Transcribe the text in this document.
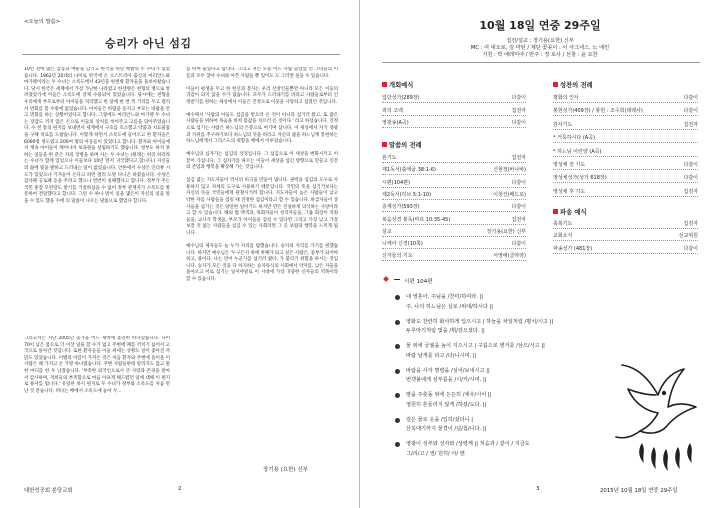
<오늘의 말씀>
승리가 아닌 섬김

10년 전에 많은 감동과 여운을 남기고 한국을 떠난 백발의 두 수녀가 있었습니다. 1962년 20대의 나이로 한국에 온 오스트리아 출신의 마리안느와 마가렛이라는 두 수녀는 소록도에서 43년을 한센병 환자들을 돌보아왔습니다. 당시 한국은 세계에서 가장 가난한 나라였고 한센병은 천형의 병으로 알려졌었기에 이들은 소록도에 강제 수용되어 있었습니다. 당시에는 천형을 우리에게 부모로부터 아이들을 격리했고 한 달에 한 번 씩 거리를 두고 멀리서 면회를 할 수밖에 없었습니다. 아이들은 바람을 등지고 부모는 바람을 안고 면회를 하는 상황이었다고 합니다. 그렇에도 마리안느와 마가렛 두 수녀는 장갑도 끼지 않은 손으로 이들의 상처를 씻어주고 고름을 닦아주었습니다. 수 천 통의 편지를 보내면서 세계에서 구호를 호소했고 약품과 치료물품을 구해 치료를 도왔습니다. 이렇게 하면서 소록도에 들어오고 한 환자들은 6000명 정도였고 200여 명의 아동들이 있었다고 합니다. 환자와 아이들에서 계속 아이들이 태어나자 보육원을 설립하기도 했습니다. 청부도 하지 못하는 일들을 한 분은 자의 장병을 하며 사는 두 수녀는 (원래는 허리 하리라는 수녀가 함께 있었으나 이들보다 10년 먼저 귀국했다고 합니다.) 자신들의 삶에 빛을 발하고 드러내는 일이 없었습니다. 언론에서 수상은 인터뷰 시도가 있었으나 기자들이 온다고 하면 멀리 도망 다니곤 하였습니다. 수상은 감사패 공로패 등을 주려고 했으나 번번이 실패했다고 합니다. 정부가 주는 국민 훈장 모란장도 받기를 거절하셨을 수 없어 정부 관계자가 소록도를 방문하여 전달했다고 합니다. 그런 수 하나 밖이 일을 몇은이 자신의 일을 알을 수 있도 했을 수에 의 말씀이 나오는 말씀으로 했었다 합니다.

그리고서는 지난 2005년 늦가을 어느 새벽에 홀연히 떠나셨습니다. 나이 70이 넘은 몸으로 더 이상 일을 할 수가 없고 주변에 폐를 끼치기 싫어서 고국으로 돌아간 것입니다. 또한 환자들을 이들 위세는 상황도 일이 좋아진 까닭도 있었습니다. 이별의 아픔이 가져온 것은 처음 환자와 주변에 돌이올 이 사람은 때 가지고 온 가방 하나였습니다. 주변 사람들한테 알리지도 않고 말 한 마디를 한 두 남겼습니다. '부족한 외국인으로서 큰 사랑과 존경을 받아서 감사하며, 저희들의 부족함으로 마음 아프게 해드렸던 일에 대해 이 편지로 용서를 빕니다.' 유일한 하지 편지로 두 수녀가 정부와 소록도를 처음 만난 것 같습니다. 떠나는 배에서 소록도에 놓아 두...

를 떠며 울었다고 합니다. 그리고 저는 오늘 어느 사람 들었었 던 그녀들의 이름과 모두 찾아 수녀와 아픈 사람들 뿐 있어도 도 그러면 실을 수 있습니다.

이들이 평생을 두고 한 헌신과 봉사는 우리 신앙인들뿐만 아니라 모든 이들의 귀감이 되지 않을 수가 없습니다. 모두가 드러내기를 바라고 사람들로부터 인정받기를 원하는 세상에서 이들은 진정으로 이웃을 사랑하고 섬겼던 것입니다.

예수께서 '사람의 아들도 섬김을 받으러 온 것이 아니라 섬기러 왔고, 또 많은 사람들을 위하여 목숨을 바쳐 몸값을 치르러 온 것이다.' 라고 하셨습니다. 진정으로 섬기는 사람은 하느님의 은총으로 여기며 삽니다. 이 세상에서 자기 영광과 지위를 추구하기보다 하느님의 뜻을 바라고 자신의 삶을 하느님께 봉헌하는 하느님에게서 그리스도의 위함을 베에서 이루었습니다.

예수님의 십자가는 섬김의 상징입니다. 그 섬김으로 이 세상을 변화시키고 이끌어 가십니다. 그 십자가를 따르는 이들이 세상을 섬긴 방향으로 만들고 인간의 존엄과 행복을 확장해 가는 것입니다.

섬김 없는 지도자들이 역사의 비극을 만들어 냅니다. 권력을 섬김의 도구로 사용하지 않고 자세의 도구로 사용하기 때문입니다. 국민의 뜻을 섬기거보다는 자신의 뜻을 국민들에게 관철시키려 합니다. 지도자들이 높은 사람들이 낮고 약한 자를 사람들을 섬길 때 진정한 섬김이라고 할 수 있습니다. 하급자들이 상사들을 섬기는 것은 당연한 일이기도 하지만 만은 진실하게 의식하는 사랑이라고 할 수 있습니다. 해외 법 맥색과, 목회자들이 성직자들을, 그룹 회장이 직원들을, 교사가 학생을, 부모가 아이들을 섬길 수 있다면 그리고 가장 낮고 가장 보잘 것 없는 사람들을 섬김 수 있는 사회라면 그 곳 보람과 행복을 느끼게 됩니다.

예수님의 제자들도 늘 누가 자리를 탐했습니다. 승자의 지리를 가기를 원했습니다. 하지만 예수님은 '누구든지 위에 첫째가 되고 싶은 사람은, 중부가 되어야 하고, 종이다. 나는 만이 누군가를 섬기러 왔다. 가 불리기 위함을 하시는 것입니다. 승자가 모든 것을 다 차지하는 승자독식의 사회에서 약자를, 낮은 자들을 돌아오고 이로 섬기는 일이야말로 이 시대에 가장 귀중한 신자들의 역목이라 할 수 있습니다.

장기용 (요한) 신부
대한성공회 분당교회	2
10월 18일 연중 29주일
집전/설교 : 장기용(요한) 신부
MC : 여 대오로, 김 마틴 / 제단 꽃꽂이 : 이 아그네스, 노 애린
지원 : 박 에레미야 / 반주 : 정 로사 / 선창 : 윤 요한
개회예식
입당성가(289장)	다같이
죄의 고백	집전자
영광송(A곡)	다같이
말씀의 전례
본기도	집전자
제1독서(출애굽 38:1-6)	신현정(바나바)
시편(104편)	다같이
제2독서(히브 5:1-10)	이창진(베드로)
층계성가(593장)	다같이
복음성경 봉독(마르 10:35-45)	집전자
설교	장기용(요한) 신부
니케아 신경(10쪽)	다같이
신자들의 기도	서영애(클라라)
성찬의 전례
평화의 인사	다같이
봉헌성가(409장) / 봉헌 : 조수희(데레사)	다같이
감사기도	집전자
* 거룩하시다 (A곡)
* 하느님 어린양 (A곡)
영성체 전 기도	다같이
영성체성가(성가 618장)	다같이
영성체 후 기도	집전자
파송 예식
축복기도	집전자
교회소식	선교위원
파송성가 (481장)	다같이
시편 104편
내 영혼아, 주님을 /찬미/하여라. ||
주, 나의 하느님은 실로 /위대/하시다 ||
영화도 찬란히 화사하게 입으시고 | 하늘을 차일처럼 /펼치/시고 ||
두루마기처럼 빛을 /휘/감으셨다. ||
물 위에 궁궐을 높이 지으시고 | 구름으로 병거를 /삼으/시고 ||
바람 날개를 타고 /다/니시며, ||
바람을 사자 명령을 /실어/보내시고 ||
번갯불에게 심부름을 /시/키/시며, ||
땅을 주춧돌 위에 든든히 /세우/시어 ||
영원히 흔들리지 않게 /하셨/도다. ||
깊은 물로 옷을 /입히/셨더니 |
산꼭대기까지 물결이 /넘/칩/니다. ||
영광이 성부와 성자와 /성령께 || 처음과 / 같이 / 지금도
그/리/고 / 영/ 원히/ 아/ 멘
3	2015년 10월 18일 연중 29주일
